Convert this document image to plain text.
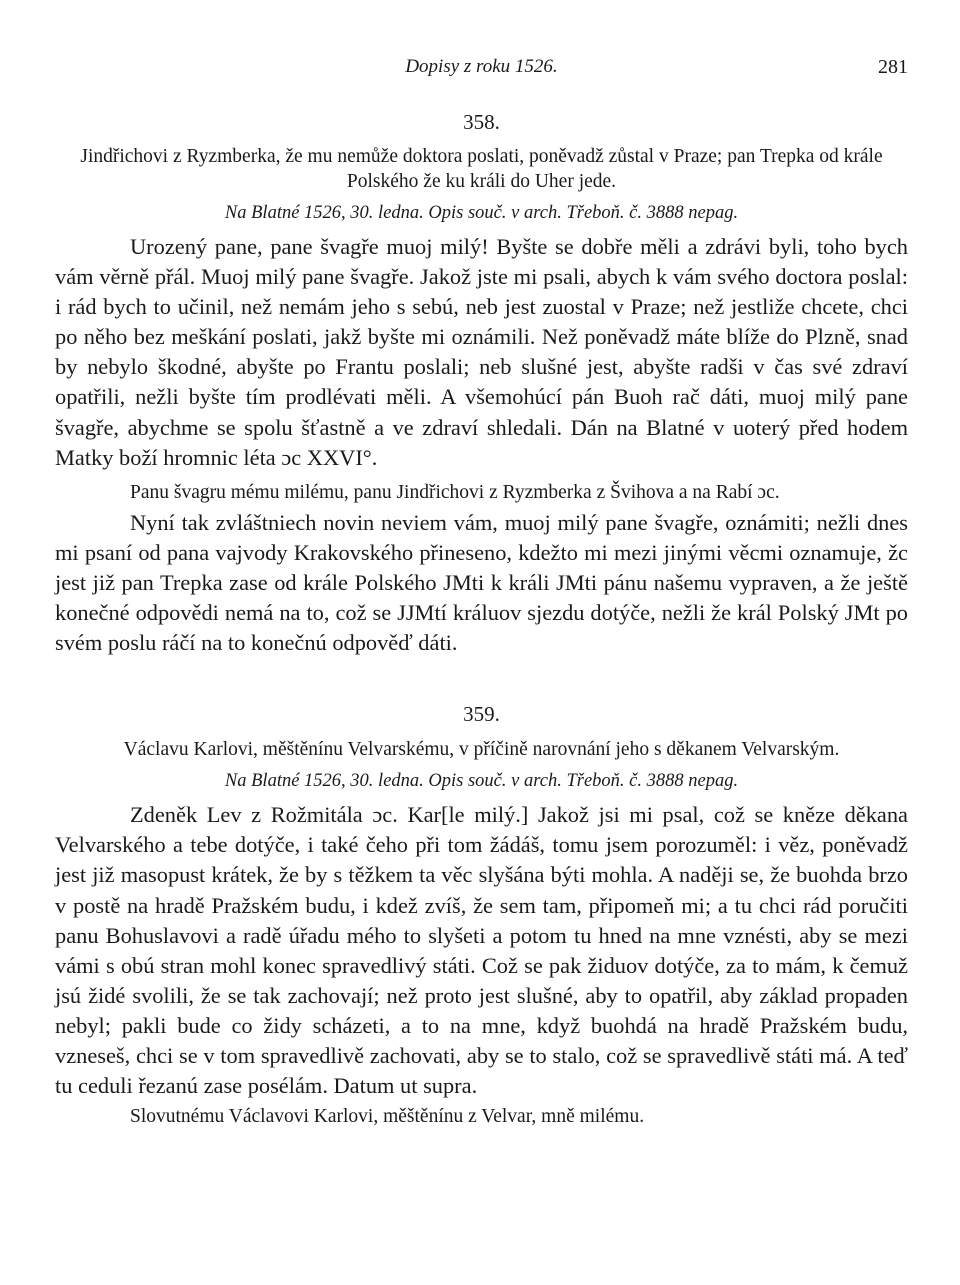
Dopisy z roku 1526.	281
358.
Jindřichovi z Ryzmberka, že mu nemůže doktora poslati, poněvadž zůstal v Praze; pan Trepka od krále Polského že ku králi do Uher jede.
Na Blatné 1526, 30. ledna. Opis souč. v arch. Třeboň. č. 3888 nepag.

Urozený pane, pane švagře muoj milý! Byšte se dobře měli a zdrávi byli, toho bych vám věrně přál. Muoj milý pane švagře. Jakož jste mi psali, abych k vám svého doctora poslal: i rád bych to učinil, než nemám jeho s sebú, neb jest zuostal v Praze; než jestliže chcete, chci po něho bez meškání poslati, jakž byšte mi oznámili. Než poněvadž máte blíže do Plzně, snad by nebylo škodné, abyšte po Frantu poslali; neb slušné jest, abyšte radši v čas své zdraví opatřili, nežli byšte tím prodlévati měli. A všemohúcí pán Buoh rač dáti, muoj milý pane švagře, abychme se spolu šťastně a ve zdraví shledali. Dán na Blatné v uoterý před hodem Matky boží hromnic léta ɔc XXVI°.

Panu švagru mému milému, panu Jindřichovi z Ryzmberka z Švihova a na Rabí ɔc.

Nyní tak zvláštniech novin neviem vám, muoj milý pane švagře, oznámiti; nežli dnes mi psaní od pana vajvody Krakovského přineseno, kdežto mi mezi jinými věcmi oznamuje, žc jest již pan Trepka zase od krále Polského JMti k králi JMti pánu našemu vypraven, a že ještě konečné odpovědi nemá na to, což se JJMtí králuov sjezdu dotýče, nežli že král Polský JMt po svém poslu ráčí na to konečnú odpověď dáti.

359.
Václavu Karlovi, měštěnínu Velvarskému, v příčině narovnání jeho s děkanem Velvarským.
Na Blatné 1526, 30. ledna. Opis souč. v arch. Třeboň. č. 3888 nepag.

Zdeněk Lev z Rožmitála ɔc. Kar[le milý.] Jakož jsi mi psal, což se kněze děkana Velvarského a tebe dotýče, i také čeho při tom žádáš, tomu jsem porozuměl: i věz, poněvadž jest již masopust krátek, že by s těžkem ta věc slyšána býti mohla. A naději se, že buohda brzo v postě na hradě Pražském budu, i kdež zvíš, že sem tam, připomeň mi; a tu chci rád poručiti panu Bohuslavovi a radě úřadu mého to slyšeti a potom tu hned na mne vznésti, aby se mezi vámi s obú stran mohl konec spravedlivý státi. Což se pak židuov dotýče, za to mám, k čemuž jsú židé svolili, že se tak zachovají; než proto jest slušné, aby to opatřil, aby základ propaden nebyl; pakli bude co židy scházeti, a to na mne, když buohdá na hradě Pražském budu, vzneseš, chci se v tom spravedlivě zachovati, aby se to stalo, což se spravedlivě státi má. A teď tu ceduli řezanú zase posélám. Datum ut supra.

Slovutnému Václavovi Karlovi, měštěnínu z Velvar, mně milému.
